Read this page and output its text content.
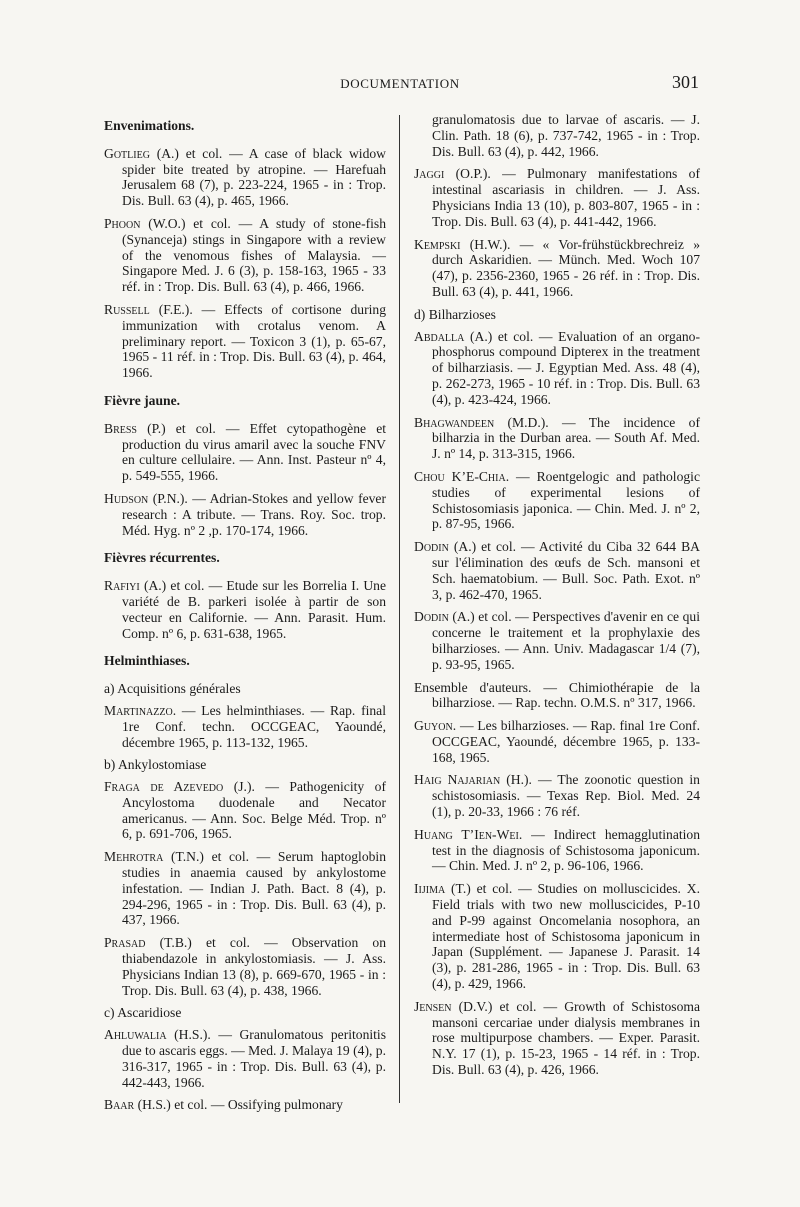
DOCUMENTATION	301
Envenimations.

Gotlieg (A.) et col. — A case of black widow spider bite treated by atropine. — Harefuah Jerusalem 68 (7), p. 223-224, 1965 - in : Trop. Dis. Bull. 63 (4), p. 465, 1966.

Phoon (W.O.) et col. — A study of stone-fish (Synanceja) stings in Singapore with a review of the venomous fishes of Malaysia. — Singapore Med. J. 6 (3), p. 158-163, 1965 - 33 réf. in : Trop. Dis. Bull. 63 (4), p. 466, 1966.

Russell (F.E.). — Effects of cortisone during immunization with crotalus venom. A preliminary report. — Toxicon 3 (1), p. 65-67, 1965 - 11 réf. in : Trop. Dis. Bull. 63 (4), p. 464, 1966.

Fièvre jaune.

Bress (P.) et col. — Effet cytopathogène et production du virus amaril avec la souche FNV en culture cellulaire. — Ann. Inst. Pasteur nº 4, p. 549-555, 1966.

Hudson (P.N.). — Adrian-Stokes and yellow fever research : A tribute. — Trans. Roy. Soc. trop. Méd. Hyg. nº 2 ,p. 170-174, 1966.

Fièvres récurrentes.

Rafiyi (A.) et col. — Etude sur les Borrelia I. Une variété de B. parkeri isolée à partir de son vecteur en Californie. — Ann. Parasit. Hum. Comp. nº 6, p. 631-638, 1965.

Helminthiases.
a) Acquisitions générales

Martinazzo. — Les helminthiases. — Rap. final 1re Conf. techn. OCCGEAC, Yaoundé, décembre 1965, p. 113-132, 1965.

b) Ankylostomiase

Fraga de Azevedo (J.). — Pathogenicity of Ancylostoma duodenale and Necator americanus. — Ann. Soc. Belge Méd. Trop. nº 6, p. 691-706, 1965.

Mehrotra (T.N.) et col. — Serum haptoglobin studies in anaemia caused by ankylostome infestation. — Indian J. Path. Bact. 8 (4), p. 294-296, 1965 - in : Trop. Dis. Bull. 63 (4), p. 437, 1966.

Prasad (T.B.) et col. — Observation on thiabendazole in ankylostomiasis. — J. Ass. Physicians Indian 13 (8), p. 669-670, 1965 - in : Trop. Dis. Bull. 63 (4), p. 438, 1966.

c) Ascaridiose

Ahluwalia (H.S.). — Granulomatous peritonitis due to ascaris eggs. — Med. J. Malaya 19 (4), p. 316-317, 1965 - in : Trop. Dis. Bull. 63 (4), p. 442-443, 1966.

Baar (H.S.) et col. — Ossifying pulmonary

granulomatosis due to larvae of ascaris. — J. Clin. Path. 18 (6), p. 737-742, 1965 - in : Trop. Dis. Bull. 63 (4), p. 442, 1966.

Jaggi (O.P.). — Pulmonary manifestations of intestinal ascariasis in children. — J. Ass. Physicians India 13 (10), p. 803-807, 1965 - in : Trop. Dis. Bull. 63 (4), p. 441-442, 1966.

Kempski (H.W.). — « Vor-frühstückbrechreiz » durch Askaridien. — Münch. Med. Woch 107 (47), p. 2356-2360, 1965 - 26 réf. in : Trop. Dis. Bull. 63 (4), p. 441, 1966.

d) Bilharzioses

Abdalla (A.) et col. — Evaluation of an organo-phosphorus compound Dipterex in the treatment of bilharziasis. — J. Egyptian Med. Ass. 48 (4), p. 262-273, 1965 - 10 réf. in : Trop. Dis. Bull. 63 (4), p. 423-424, 1966.

Bhagwandeen (M.D.). — The incidence of bilharzia in the Durban area. — South Af. Med. J. nº 14, p. 313-315, 1966.

Chou K’E-Chia. — Roentgelogic and pathologic studies of experimental lesions of Schistosomiasis japonica. — Chin. Med. J. nº 2, p. 87-95, 1966.

Dodin (A.) et col. — Activité du Ciba 32 644 BA sur l'élimination des œufs de Sch. mansoni et Sch. haematobium. — Bull. Soc. Path. Exot. nº 3, p. 462-470, 1965.

Dodin (A.) et col. — Perspectives d'avenir en ce qui concerne le traitement et la prophylaxie des bilharzioses. — Ann. Univ. Madagascar 1/4 (7), p. 93-95, 1965.

Ensemble d'auteurs. — Chimiothérapie de la bilharziose. — Rap. techn. O.M.S. nº 317, 1966.

Guyon. — Les bilharzioses. — Rap. final 1re Conf. OCCGEAC, Yaoundé, décembre 1965, p. 133-168, 1965.

Haig Najarian (H.). — The zoonotic question in schistosomiasis. — Texas Rep. Biol. Med. 24 (1), p. 20-33, 1966 : 76 réf.

Huang T’Ien-Wei. — Indirect hemagglutination test in the diagnosis of Schistosoma japonicum. — Chin. Med. J. nº 2, p. 96-106, 1966.

Iijima (T.) et col. — Studies on molluscicides. X. Field trials with two new molluscicides, P-10 and P-99 against Oncomelania nosophora, an intermediate host of Schistosoma japonicum in Japan (Supplément. — Japanese J. Parasit. 14 (3), p. 281-286, 1965 - in : Trop. Dis. Bull. 63 (4), p. 429, 1966.

Jensen (D.V.) et col. — Growth of Schistosoma mansoni cercariae under dialysis membranes in rose multipurpose chambers. — Exper. Parasit. N.Y. 17 (1), p. 15-23, 1965 - 14 réf. in : Trop. Dis. Bull. 63 (4), p. 426, 1966.
